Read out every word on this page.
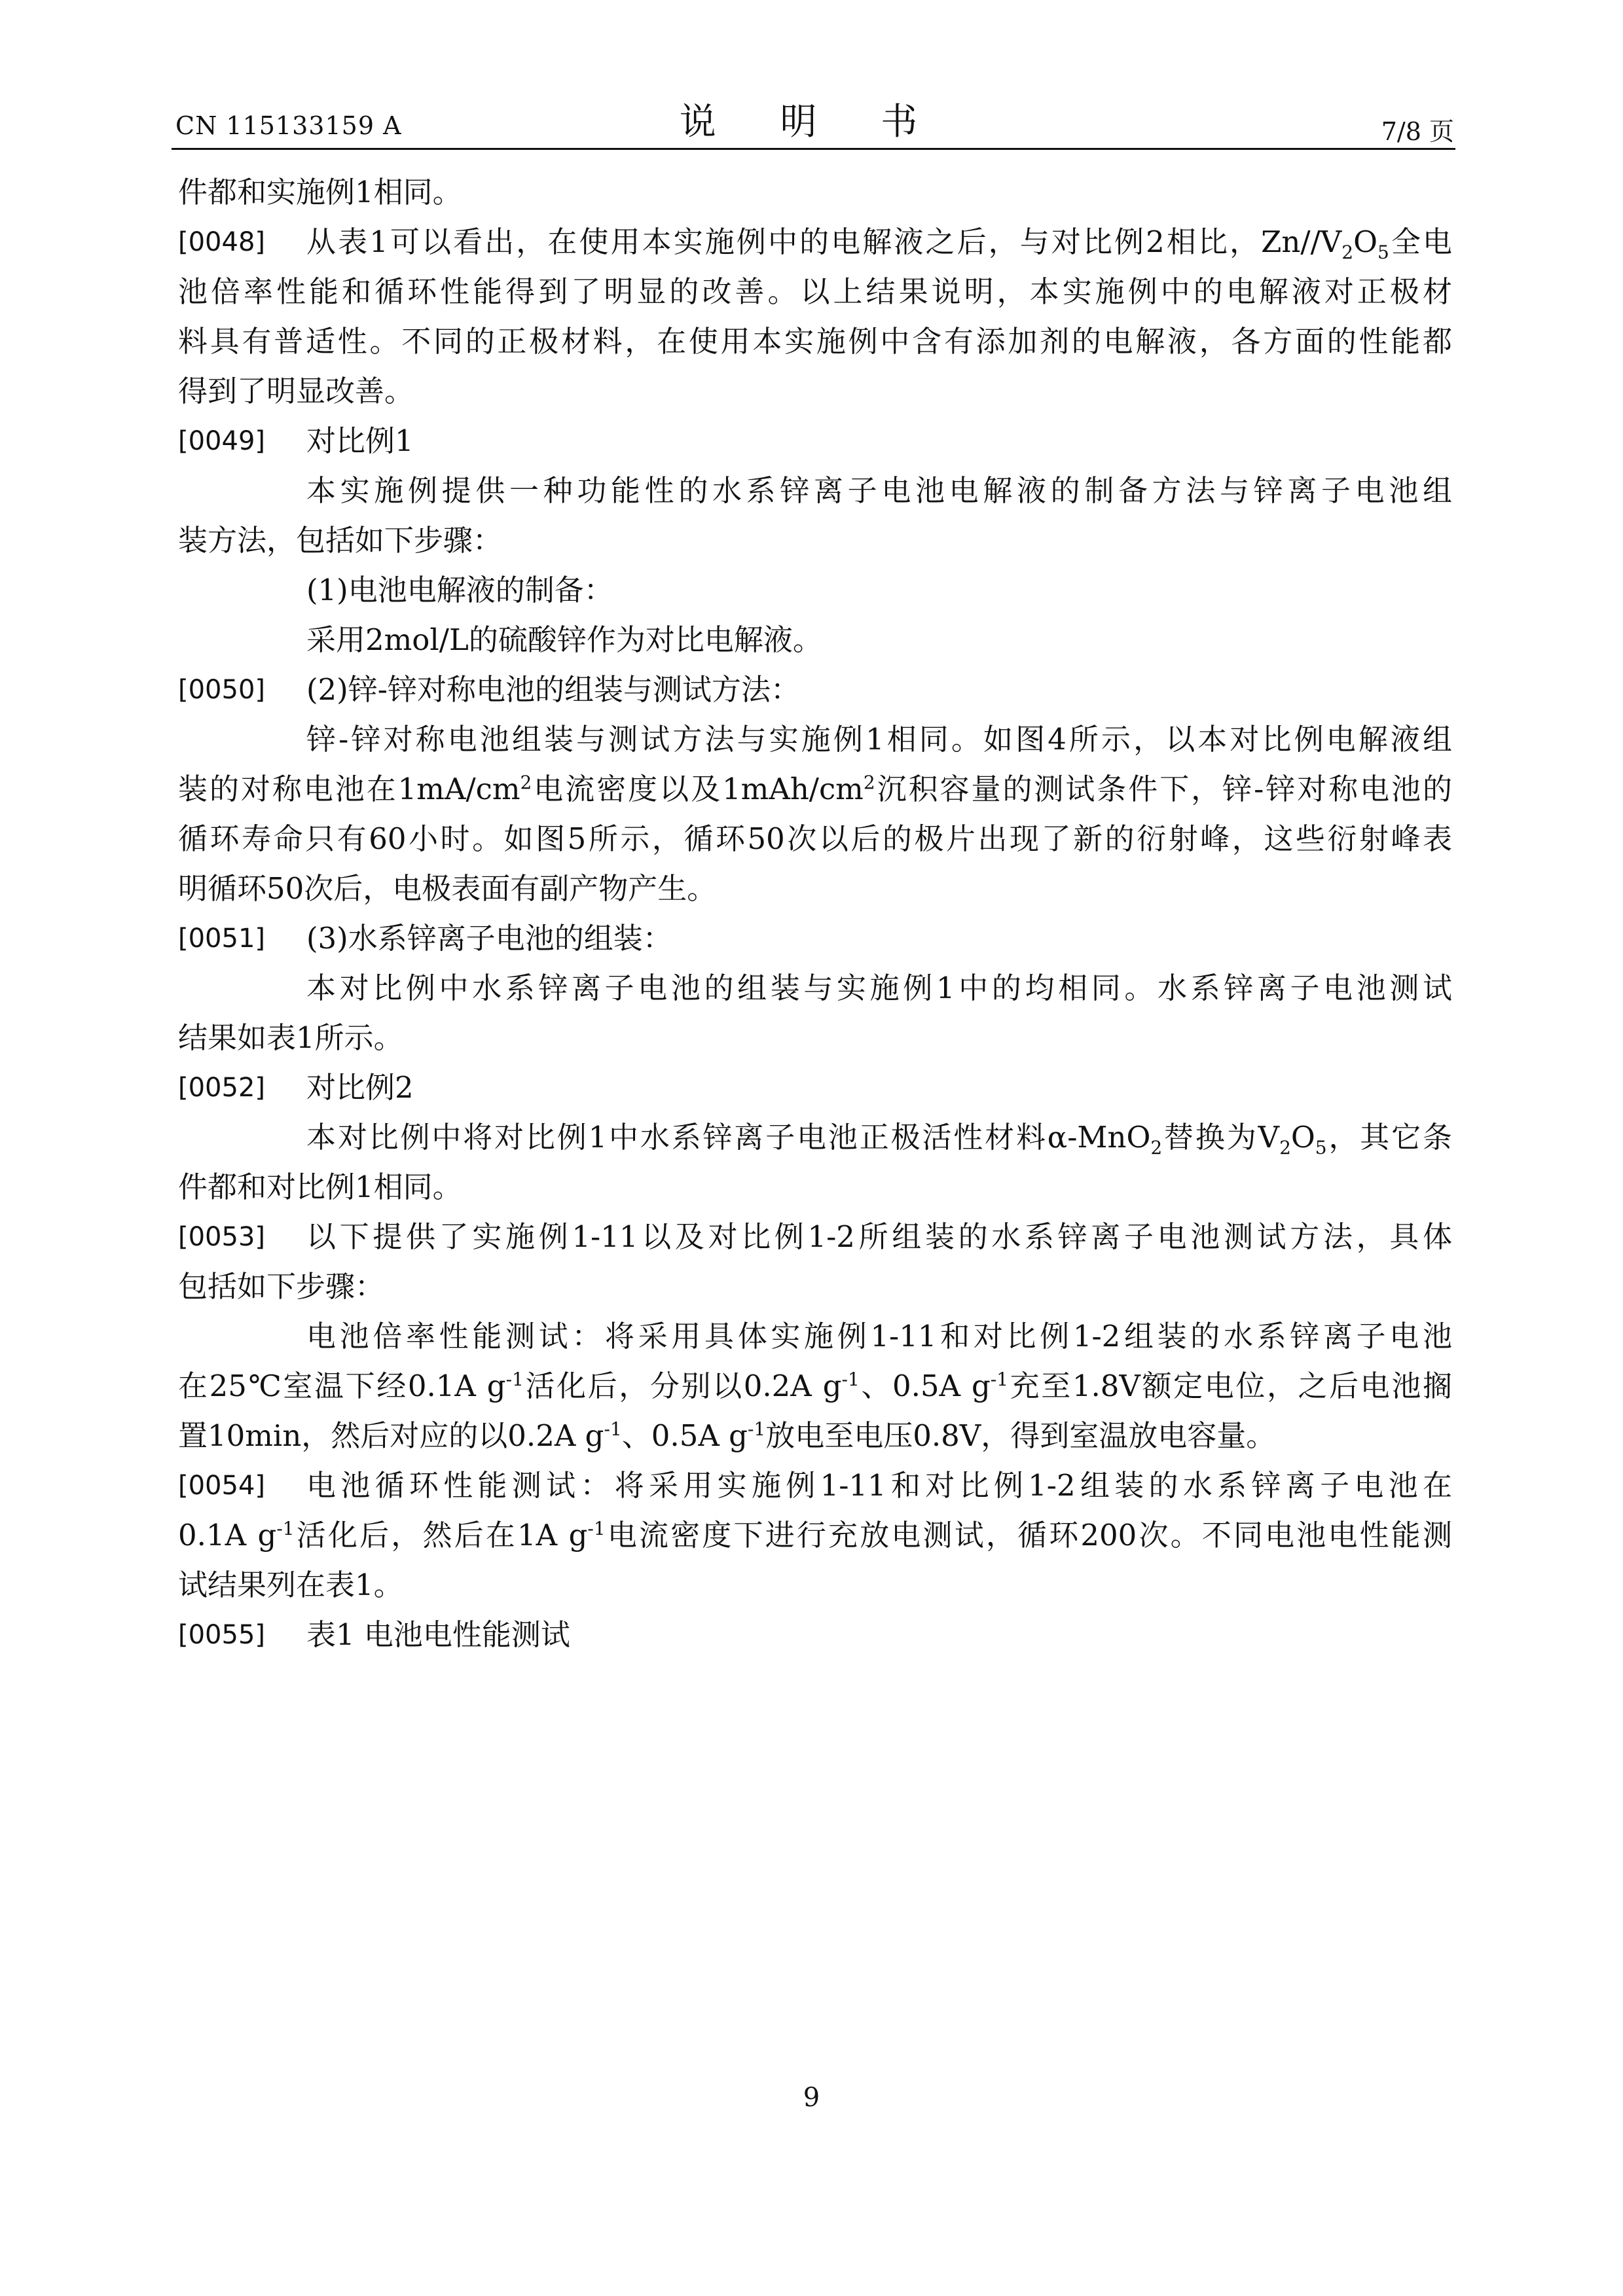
CN 115133159 A	说 明 书	7/8 页
件都和实施例1相同。
[0048] 从表1可以看出，在使用本实施例中的电解液之后，与对比例2相比，$Zn//V_2O_5$全电
池倍率性能和循环性能得到了明显的改善。以上结果说明，本实施例中的电解液对正极材
料具有普适性。不同的正极材料，在使用本实施例中含有添加剂的电解液，各方面的性能都
得到了明显改善。
[0049] 对比例1
本实施例提供一种功能性的水系锌离子电池电解液的制备方法与锌离子电池组
装方法，包括如下步骤：
(1)电池电解液的制备：
采用2mol/L的硫酸锌作为对比电解液。
[0050] (2)锌-锌对称电池的组装与测试方法：
锌-锌对称电池组装与测试方法与实施例1相同。如图4所示，以本对比例电解液组
装的对称电池在$1mA/cm^2$电流密度以及$1mAh/cm^2$沉积容量的测试条件下，锌-锌对称电池的
循环寿命只有60小时。如图5所示，循环50次以后的极片出现了新的衍射峰，这些衍射峰表
明循环50次后，电极表面有副产物产生。
[0051] (3)水系锌离子电池的组装：
本对比例中水系锌离子电池的组装与实施例1中的均相同。水系锌离子电池测试
结果如表1所示。
[0052] 对比例2
本对比例中将对比例1中水系锌离子电池正极活性材料α-MnO$_2$替换为$V_2O_5$，其它条
件都和对比例1相同。
[0053] 以下提供了实施例1-11以及对比例1-2所组装的水系锌离子电池测试方法，具体
包括如下步骤：
电池倍率性能测试：将采用具体实施例1-11和对比例1-2组装的水系锌离子电池
在25℃室温下经0.1A $g^{-1}$活化后，分别以0.2A $g^{-1}$、0.5A $g^{-1}$充至1.8V额定电位，之后电池搁
置10min，然后对应的以0.2A $g^{-1}$、0.5A $g^{-1}$放电至电压0.8V，得到室温放电容量。
[0054] 电池循环性能测试：将采用实施例1-11和对比例1-2组装的水系锌离子电池在
0.1A $g^{-1}$活化后，然后在1A $g^{-1}$电流密度下进行充放电测试，循环200次。不同电池电性能测
试结果列在表1。
[0055] 表1 电池电性能测试
9
